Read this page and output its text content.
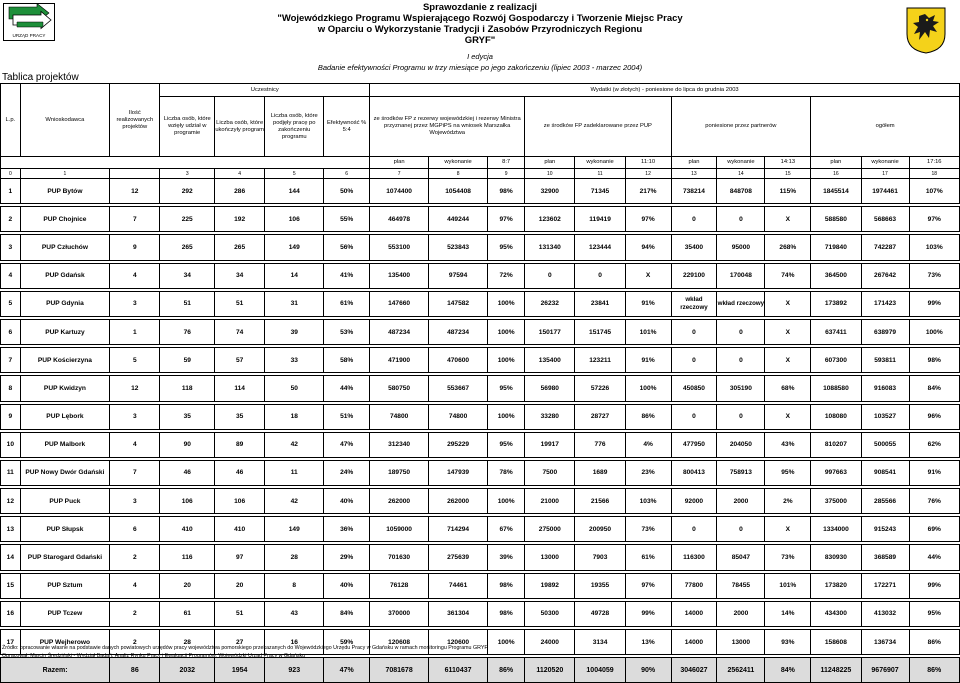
URZĄD PRACY
Sprawozdanie z realizacji
"Wojewódzkiego Programu Wspierającego Rozwój Gospodarczy i Tworzenie Miejsc Pracy
w Oparciu o Wykorzystanie Tradycji i Zasobów Przyrodniczych Regionu
GRYF"
I edycja
Badanie efektywności Programu w trzy miesiące po jego zakończeniu (lipiec 2003 - marzec 2004)
Tablica projektów
L.p.	Wnioskodawca	Ilość realizowanych projektów	Uczestnicy				Wydatki (w złotych) - poniesione do lipca do grudnia 2003											
			Liczba osób, które wzięły udział w programie	Liczba osób, które ukończyły program	Liczba osób, które podjęły pracę po zakończeniu programu	Efektywność % 5:4	ze środków FP z rezerwy wojewódzkiej i rezerwy Ministra przyznanej przez MGPiPS na wniosek Marszałka Województwa			ze środków FP zadeklarowane przez PUP			poniesione przez partnerów			ogółem		
							plan	wykonanie	8:7	plan	wykonanie	11:10	plan	wykonanie	14:13	plan	wykonanie	17:16
0	1		3	4	5	6	7	8	9	10	11	12	13	14	15	16	17	18
1	PUP Bytów	12	292	286	144	50%	1074400	1054408	98%	32900	71345	217%	738214	848708	115%	1845514	1974461	107%

2	PUP Chojnice	7	225	192	106	55%	464978	449244	97%	123602	119419	97%	0	0	X	588580	568663	97%

3	PUP Człuchów	9	265	265	149	56%	553100	523843	95%	131340	123444	94%	35400	95000	268%	719840	742287	103%

4	PUP Gdańsk	4	34	34	14	41%	135400	97594	72%	0	0	X	229100	170048	74%	364500	267642	73%

5	PUP Gdynia	3	51	51	31	61%	147660	147582	100%	26232	23841	91%	wkład rzeczowy	wkład rzeczowy	X	173892	171423	99%

6	PUP Kartuzy	1	76	74	39	53%	487234	487234	100%	150177	151745	101%	0	0	X	637411	638979	100%

7	PUP Kościerzyna	5	59	57	33	58%	471900	470600	100%	135400	123211	91%	0	0	X	607300	593811	98%

8	PUP Kwidzyn	12	118	114	50	44%	580750	553667	95%	56980	57226	100%	450850	305190	68%	1088580	916083	84%

9	PUP Lębork	3	35	35	18	51%	74800	74800	100%	33280	28727	86%	0	0	X	108080	103527	96%

10	PUP Malbork	4	90	89	42	47%	312340	295229	95%	19917	776	4%	477950	204050	43%	810207	500055	62%

11	PUP Nowy Dwór Gdański	7	46	46	11	24%	189750	147939	78%	7500	1689	23%	800413	758913	95%	997663	908541	91%

12	PUP Puck	3	106	106	42	40%	262000	262000	100%	21000	21566	103%	92000	2000	2%	375000	285566	76%

13	PUP Słupsk	6	410	410	149	36%	1059000	714294	67%	275000	200950	73%	0	0	X	1334000	915243	69%

14	PUP Starogard Gdański	2	116	97	28	29%	701630	275639	39%	13000	7903	61%	116300	85047	73%	830930	368589	44%

15	PUP Sztum	4	20	20	8	40%	76128	74461	98%	19892	19355	97%	77800	78455	101%	173820	172271	99%

16	PUP Tczew	2	61	51	43	84%	370000	361304	98%	50300	49728	99%	14000	2000	14%	434300	413032	95%

17	PUP Wejherowo	2	28	27	16	59%	120608	120600	100%	24000	3134	13%	14000	13000	93%	158608	136734	86%

Razem:		86	2032	1954	923	47%	7081678	6110437	86%	1120520	1004059	90%	3046027	2562411	84%	11248225	9676907	86%
Źródło: opracowanie własne na podstawie danych powiatowych urzędów pracy województwa pomorskiego przekazanych do Wojewódzkiego Urzędu Pracy w Gdańsku w ramach monitoringu Programu GRYF
Opracował: Marcin Średziński - Wydział Badań, Analiz Rynku Pracy i Ewaluacji Programów, Wojewódzki Urząd Pracy w Gdańsku
